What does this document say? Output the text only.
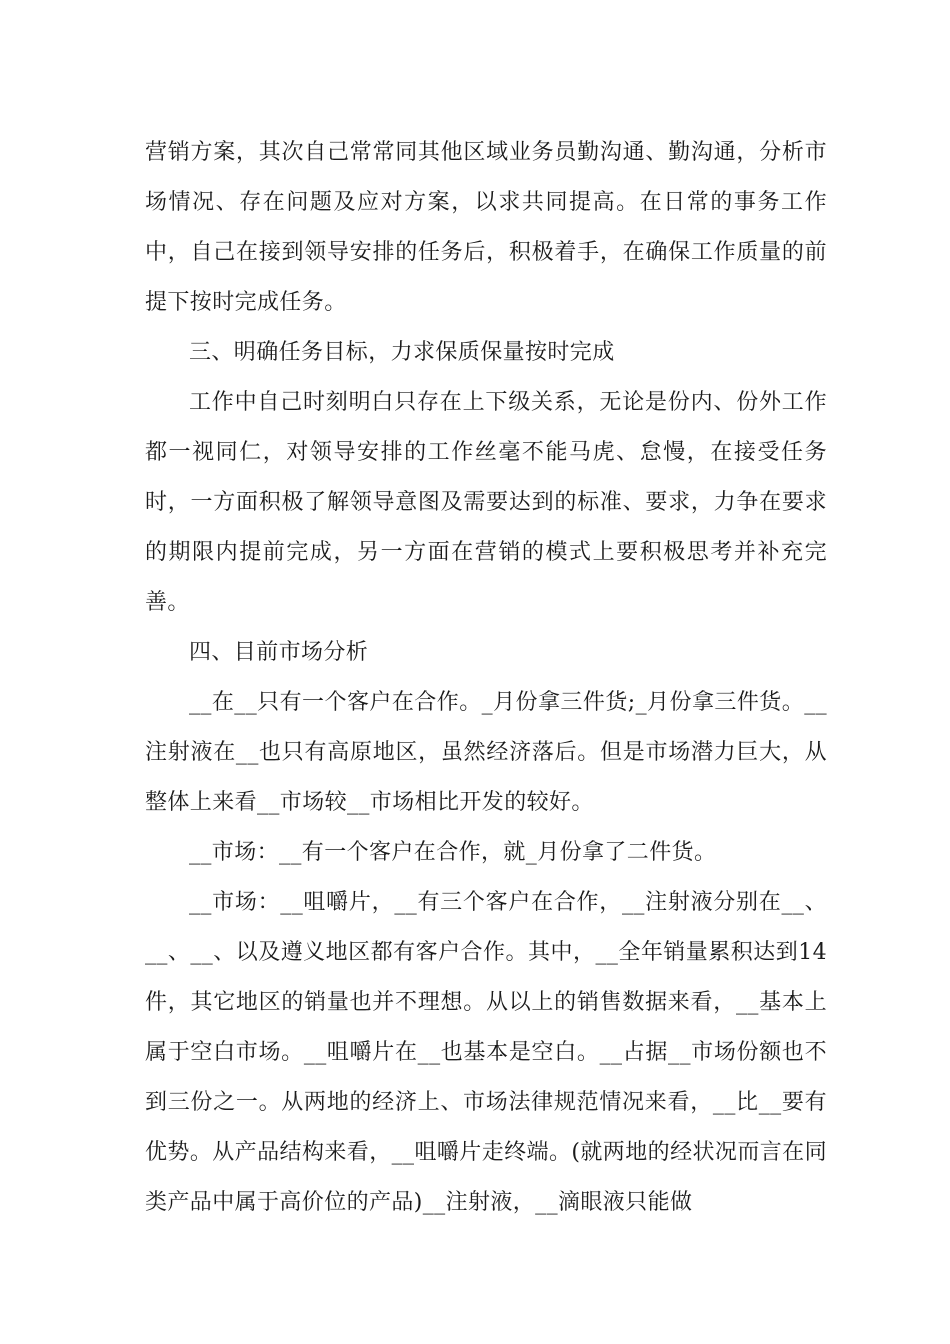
营销方案，其次自己常常同其他区域业务员勤沟通、勤沟通，分析市场情况、存在问题及应对方案，以求共同提高。在日常的事务工作中，自己在接到领导安排的任务后，积极着手，在确保工作质量的前提下按时完成任务。

三、明确任务目标，力求保质保量按时完成

工作中自己时刻明白只存在上下级关系，无论是份内、份外工作都一视同仁，对领导安排的工作丝毫不能马虎、怠慢，在接受任务时，一方面积极了解领导意图及需要达到的标准、要求，力争在要求的期限内提前完成，另一方面在营销的模式上要积极思考并补充完善。

四、目前市场分析

__在__只有一个客户在合作。_月份拿三件货;_月份拿三件货。__注射液在__也只有高原地区，虽然经济落后。但是市场潜力巨大，从整体上来看__市场较__市场相比开发的较好。

__市场：__有一个客户在合作，就_月份拿了二件货。

__市场：__咀嚼片，__有三个客户在合作，__注射液分别在__、__、__、以及遵义地区都有客户合作。其中，__全年销量累积达到14件，其它地区的销量也并不理想。从以上的销售数据来看，__基本上属于空白市场。__咀嚼片在__也基本是空白。__占据__市场份额也不到三份之一。从两地的经济上、市场法律规范情况来看，__比__要有优势。从产品结构来看，__咀嚼片走终端。(就两地的经状况而言在同类产品中属于高价位的产品)__注射液，__滴眼液只能做
